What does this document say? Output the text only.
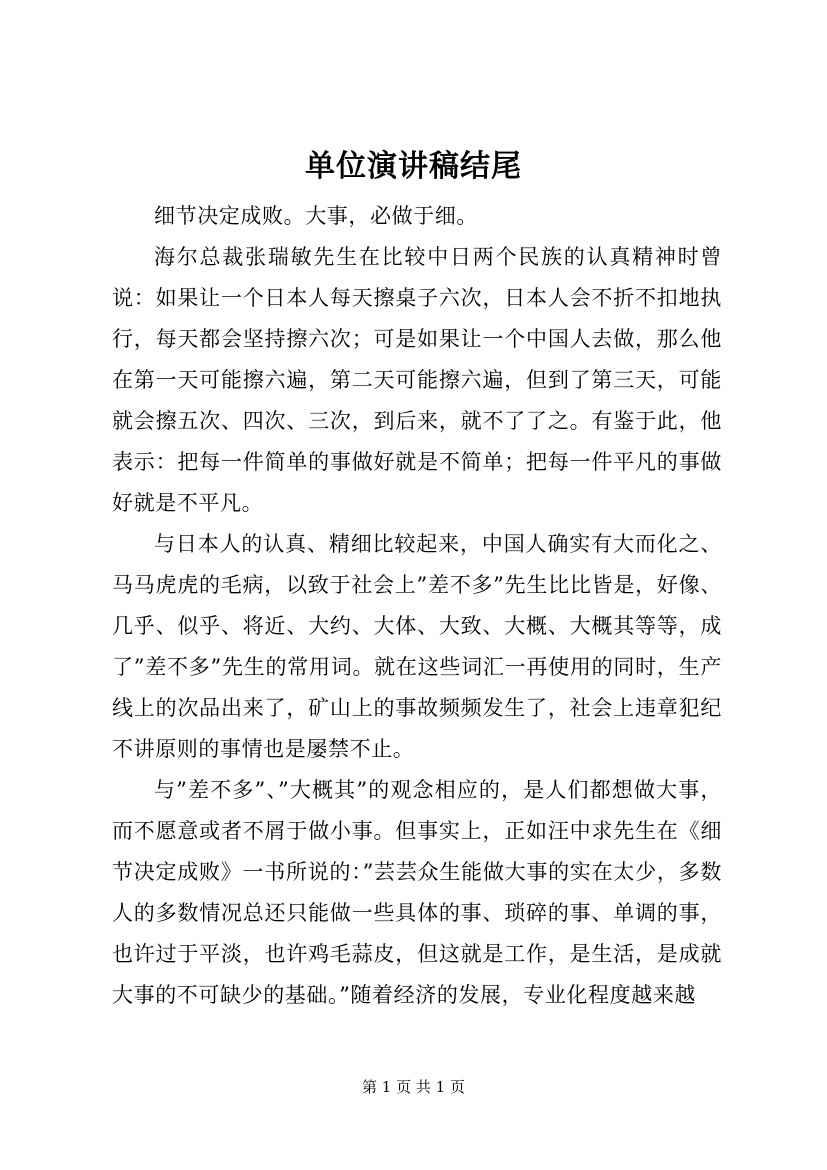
单位演讲稿结尾

细节决定成败。大事，必做于细。

海尔总裁张瑞敏先生在比较中日两个民族的认真精神时曾说：如果让一个日本人每天擦桌子六次，日本人会不折不扣地执行，每天都会坚持擦六次；可是如果让一个中国人去做，那么他在第一天可能擦六遍，第二天可能擦六遍，但到了第三天，可能就会擦五次、四次、三次，到后来，就不了了之。有鉴于此，他表示：把每一件简单的事做好就是不简单；把每一件平凡的事做好就是不平凡。

与日本人的认真、精细比较起来，中国人确实有大而化之、马马虎虎的毛病，以致于社会上”差不多”先生比比皆是，好像、几乎、似乎、将近、大约、大体、大致、大概、大概其等等，成了”差不多”先生的常用词。就在这些词汇一再使用的同时，生产线上的次品出来了，矿山上的事故频频发生了，社会上违章犯纪不讲原则的事情也是屡禁不止。

与”差不多”、”大概其”的观念相应的，是人们都想做大事，而不愿意或者不屑于做小事。但事实上，正如汪中求先生在《细节决定成败》一书所说的：”芸芸众生能做大事的实在太少，多数人的多数情况总还只能做一些具体的事、琐碎的事、单调的事，也许过于平淡，也许鸡毛蒜皮，但这就是工作，是生活，是成就大事的不可缺少的基础。”随着经济的发展，专业化程度越来越

第 1 页 共 1 页
